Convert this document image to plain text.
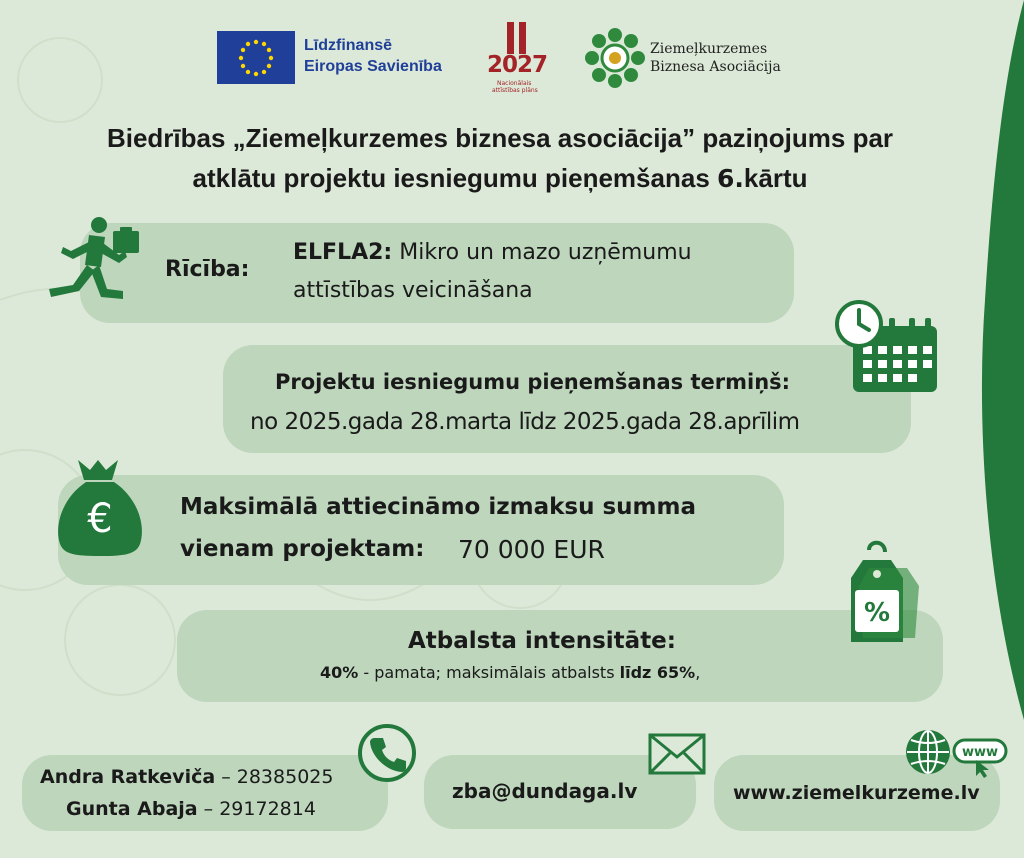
Līdzfinansē
Eiropas Savienība 2027
Nacionālais
attīstības plāns
Ziemeļkurzemes
Biznesa Asociācija
Biedrības „Ziemeļkurzemes biznesa asociācija” paziņojums par
atklātu projektu iesniegumu pieņemšanas 6.kārtu
Rīcība:
ELFLA2: Mikro un mazo uzņēmumu
attīstības veicināšana
Projektu iesniegumu pieņemšanas termiņš:
no 2025.gada 28.marta līdz 2025.gada 28.aprīlim
€	Maksimālā attiecināmo izmaksu summa
vienam projektam: 70 000 EUR
%
Atbalsta intensitāte:
40% - pamata; maksimālais atbalsts līdz 65%,
Andra Ratkeviča – 28385025
Gunta Abaja – 29172814
zba@dundaga.lv
www
www.ziemelkurzeme.lv
